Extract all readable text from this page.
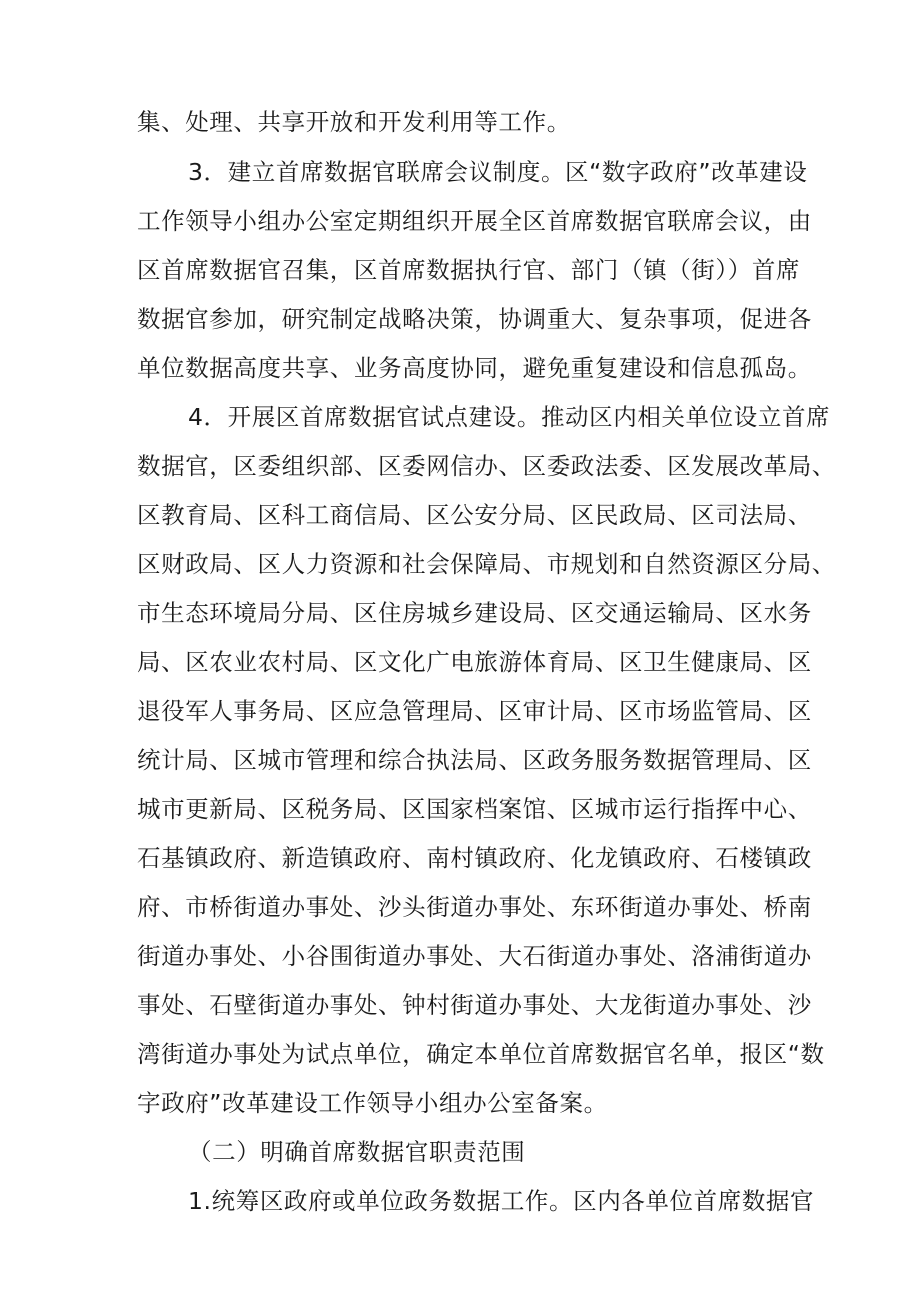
集、处理、共享开放和开发利用等工作。
3．建立首席数据官联席会议制度。区“数字政府”改革建设
工作领导小组办公室定期组织开展全区首席数据官联席会议，由
区首席数据官召集，区首席数据执行官、部门（镇（街））首席
数据官参加，研究制定战略决策，协调重大、复杂事项，促进各
单位数据高度共享、业务高度协同，避免重复建设和信息孤岛。
4．开展区首席数据官试点建设。推动区内相关单位设立首席
数据官，区委组织部、区委网信办、区委政法委、区发展改革局、
区教育局、区科工商信局、区公安分局、区民政局、区司法局、
区财政局、区人力资源和社会保障局、市规划和自然资源区分局、
市生态环境局分局、区住房城乡建设局、区交通运输局、区水务
局、区农业农村局、区文化广电旅游体育局、区卫生健康局、区
退役军人事务局、区应急管理局、区审计局、区市场监管局、区
统计局、区城市管理和综合执法局、区政务服务数据管理局、区
城市更新局、区税务局、区国家档案馆、区城市运行指挥中心、
石基镇政府、新造镇政府、南村镇政府、化龙镇政府、石楼镇政
府、市桥街道办事处、沙头街道办事处、东环街道办事处、桥南
街道办事处、小谷围街道办事处、大石街道办事处、洛浦街道办
事处、石壁街道办事处、钟村街道办事处、大龙街道办事处、沙
湾街道办事处为试点单位，确定本单位首席数据官名单，报区“数
字政府”改革建设工作领导小组办公室备案。
（二）明确首席数据官职责范围
1.统筹区政府或单位政务数据工作。区内各单位首席数据官
